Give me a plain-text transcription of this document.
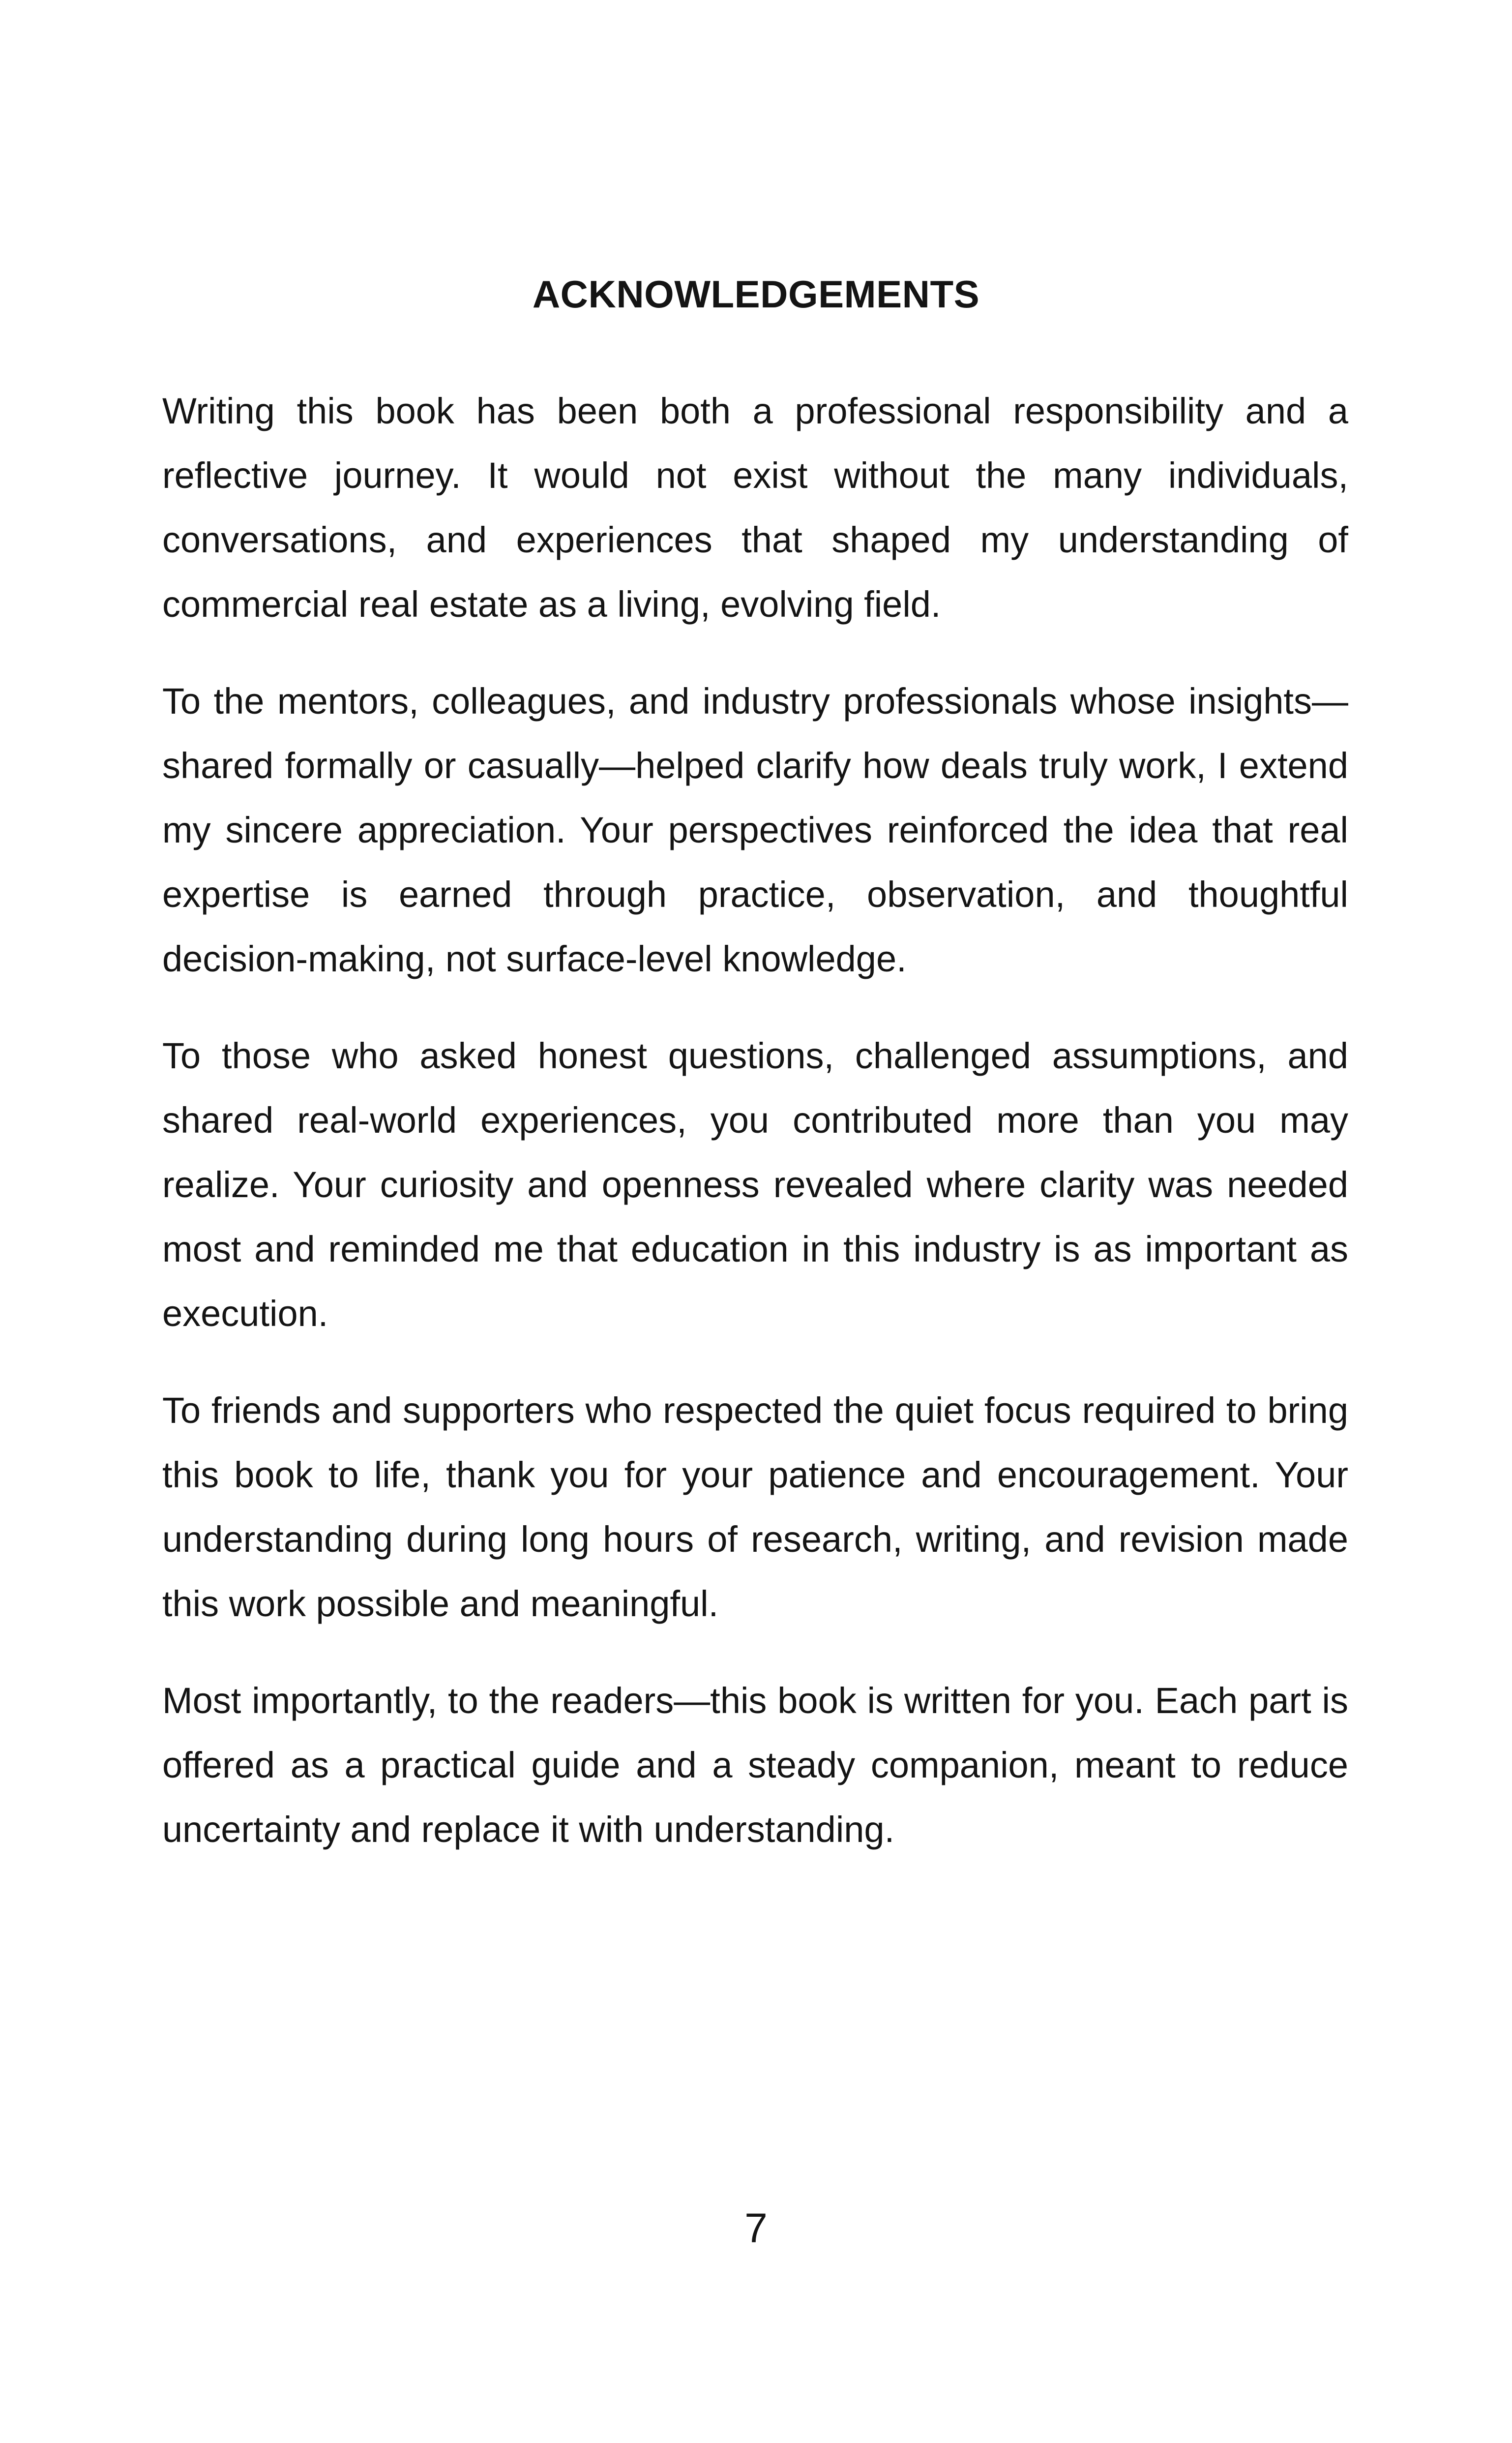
ACKNOWLEDGEMENTS

Writing this book has been both a professional responsibility and a reflective journey. It would not exist without the many individuals, conversations, and experiences that shaped my understanding of commercial real estate as a living, evolving field.

To the mentors, colleagues, and industry professionals whose insights—shared formally or casually—helped clarify how deals truly work, I extend my sincere appreciation. Your perspectives reinforced the idea that real expertise is earned through practice, observation, and thoughtful decision-making, not surface-level knowledge.

To those who asked honest questions, challenged assumptions, and shared real-world experiences, you contributed more than you may realize. Your curiosity and openness revealed where clarity was needed most and reminded me that education in this industry is as important as execution.

To friends and supporters who respected the quiet focus required to bring this book to life, thank you for your patience and encouragement. Your understanding during long hours of research, writing, and revision made this work possible and meaningful.

Most importantly, to the readers—this book is written for you. Each part is offered as a practical guide and a steady companion, meant to reduce uncertainty and replace it with understanding.

7
